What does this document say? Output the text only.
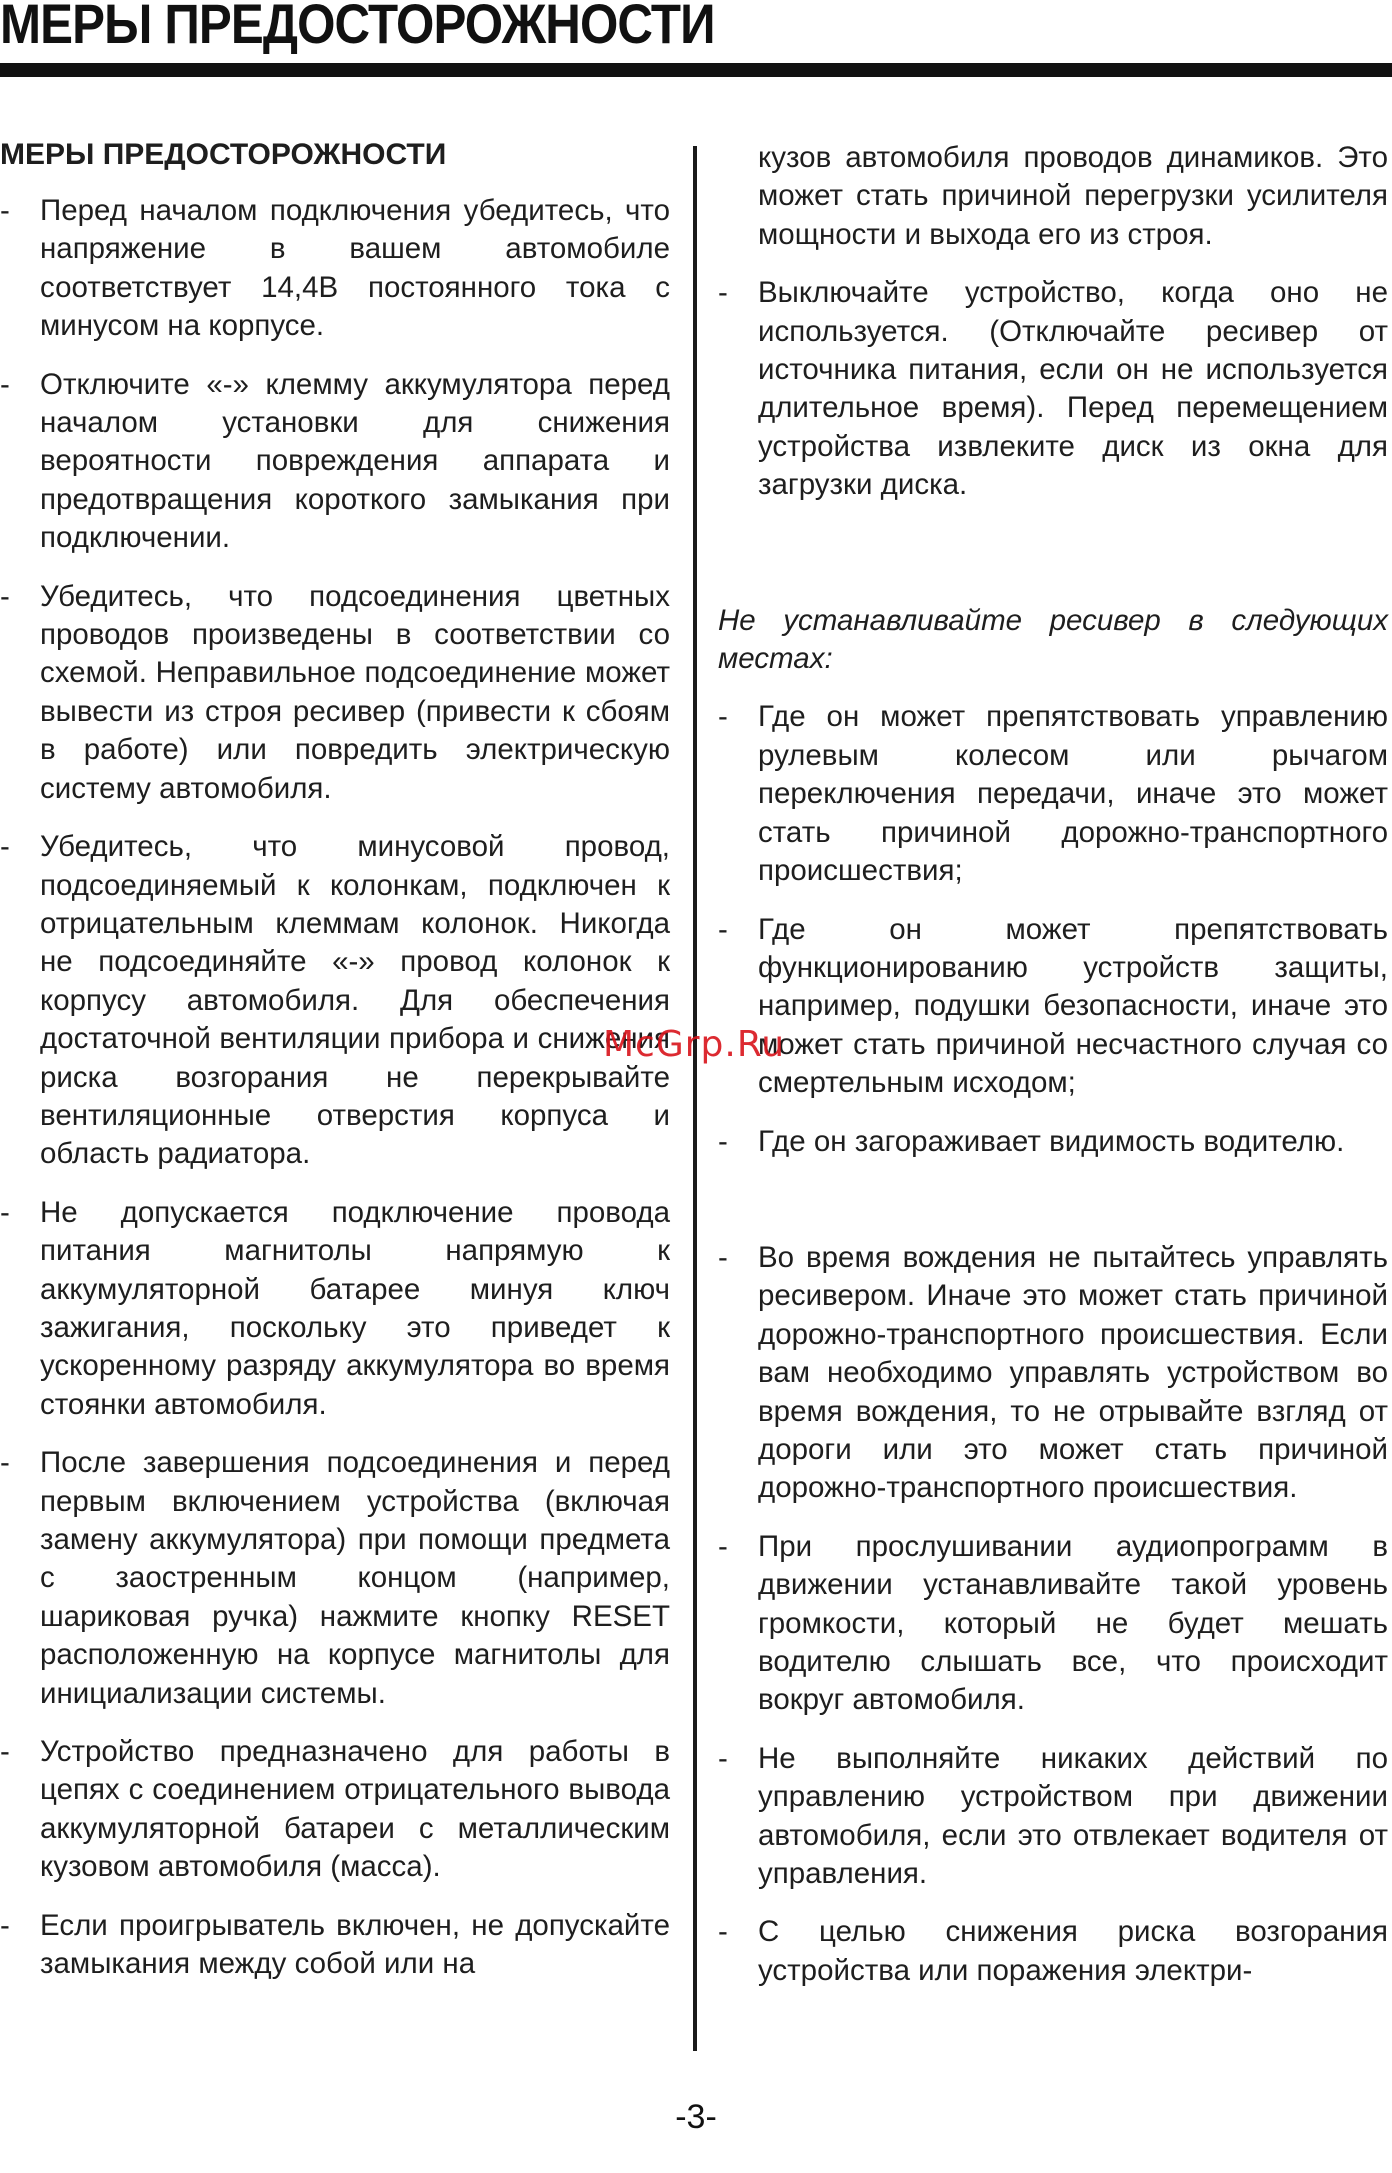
МЕРЫ ПРЕДОСТОРОЖНОСТИ
МЕРЫ ПРЕДОСТОРОЖНОСТИ
- Перед началом подключения убедитесь, что напряжение в вашем автомобиле соответствует 14,4В постоянного тока с минусом на корпусе.
- Отключите «-» клемму аккумулятора перед началом установки для снижения вероятности повреждения аппарата и предотвращения короткого замыкания при подключении.
- Убедитесь, что подсоединения цветных проводов произведены в соответствии со схемой. Неправильное подсоединение может вывести из строя ресивер (привести к сбоям в работе) или повредить электрическую систему автомобиля.
- Убедитесь, что минусовой провод, подсоединяемый к колонкам, подключен к отрицательным клеммам колонок. Никогда не подсоединяйте «-» провод колонок к корпусу автомобиля. Для обеспечения достаточной вентиляции прибора и снижения риска возгорания не перекрывайте вентиляционные отверстия корпуса и область радиатора.
- Не допускается подключение провода питания магнитолы напрямую к аккумуляторной батарее минуя ключ зажигания, поскольку это приведет к ускоренному разряду аккумулятора во время стоянки автомобиля.
- После завершения подсоединения и перед первым включением устройства (включая замену аккумулятора) при помощи предмета с заостренным концом (например, шариковая ручка) нажмите кнопку RESET расположенную на корпусе магнитолы для инициализации системы.
- Устройство предназначено для работы в цепях с соединением отрицательного вывода аккумуляторной батареи с металлическим кузовом автомобиля (масса).
- Если проигрыватель включен, не допускайте замыкания между собой или на
кузов автомобиля проводов динамиков. Это может стать причиной перегрузки усилителя мощности и выхода его из строя.
- Выключайте устройство, когда оно не используется. (Отключайте ресивер от источника питания, если он не используется длительное время). Перед перемещением устройства извлеките диск из окна для загрузки диска.
Не устанавливайте ресивер в следующих местах:
- Где он может препятствовать управлению рулевым колесом или рычагом переключения передачи, иначе это может стать причиной дорожно-транспортного происшествия;
- Где он может препятствовать функционированию устройств защиты, например, подушки безопасности, иначе это может стать причиной несчастного случая со смертельным исходом;
- Где он загораживает видимость водителю.
- Во время вождения не пытайтесь управлять ресивером. Иначе это может стать причиной дорожно-транспортного происшествия. Если вам необходимо управлять устройством во время вождения, то не отрывайте взгляд от дороги или это может стать причиной дорожно-транспортного происшествия.
- При прослушивании аудиопрограмм в движении устанавливайте такой уровень громкости, который не будет мешать водителю слышать все, что происходит вокруг автомобиля.
- Не выполняйте никаких действий по управлению устройством при движении автомобиля, если это отвлекает водителя от управления.
- С целью снижения риска возгорания устройства или поражения электри-
McGrp.Ru
-3-
